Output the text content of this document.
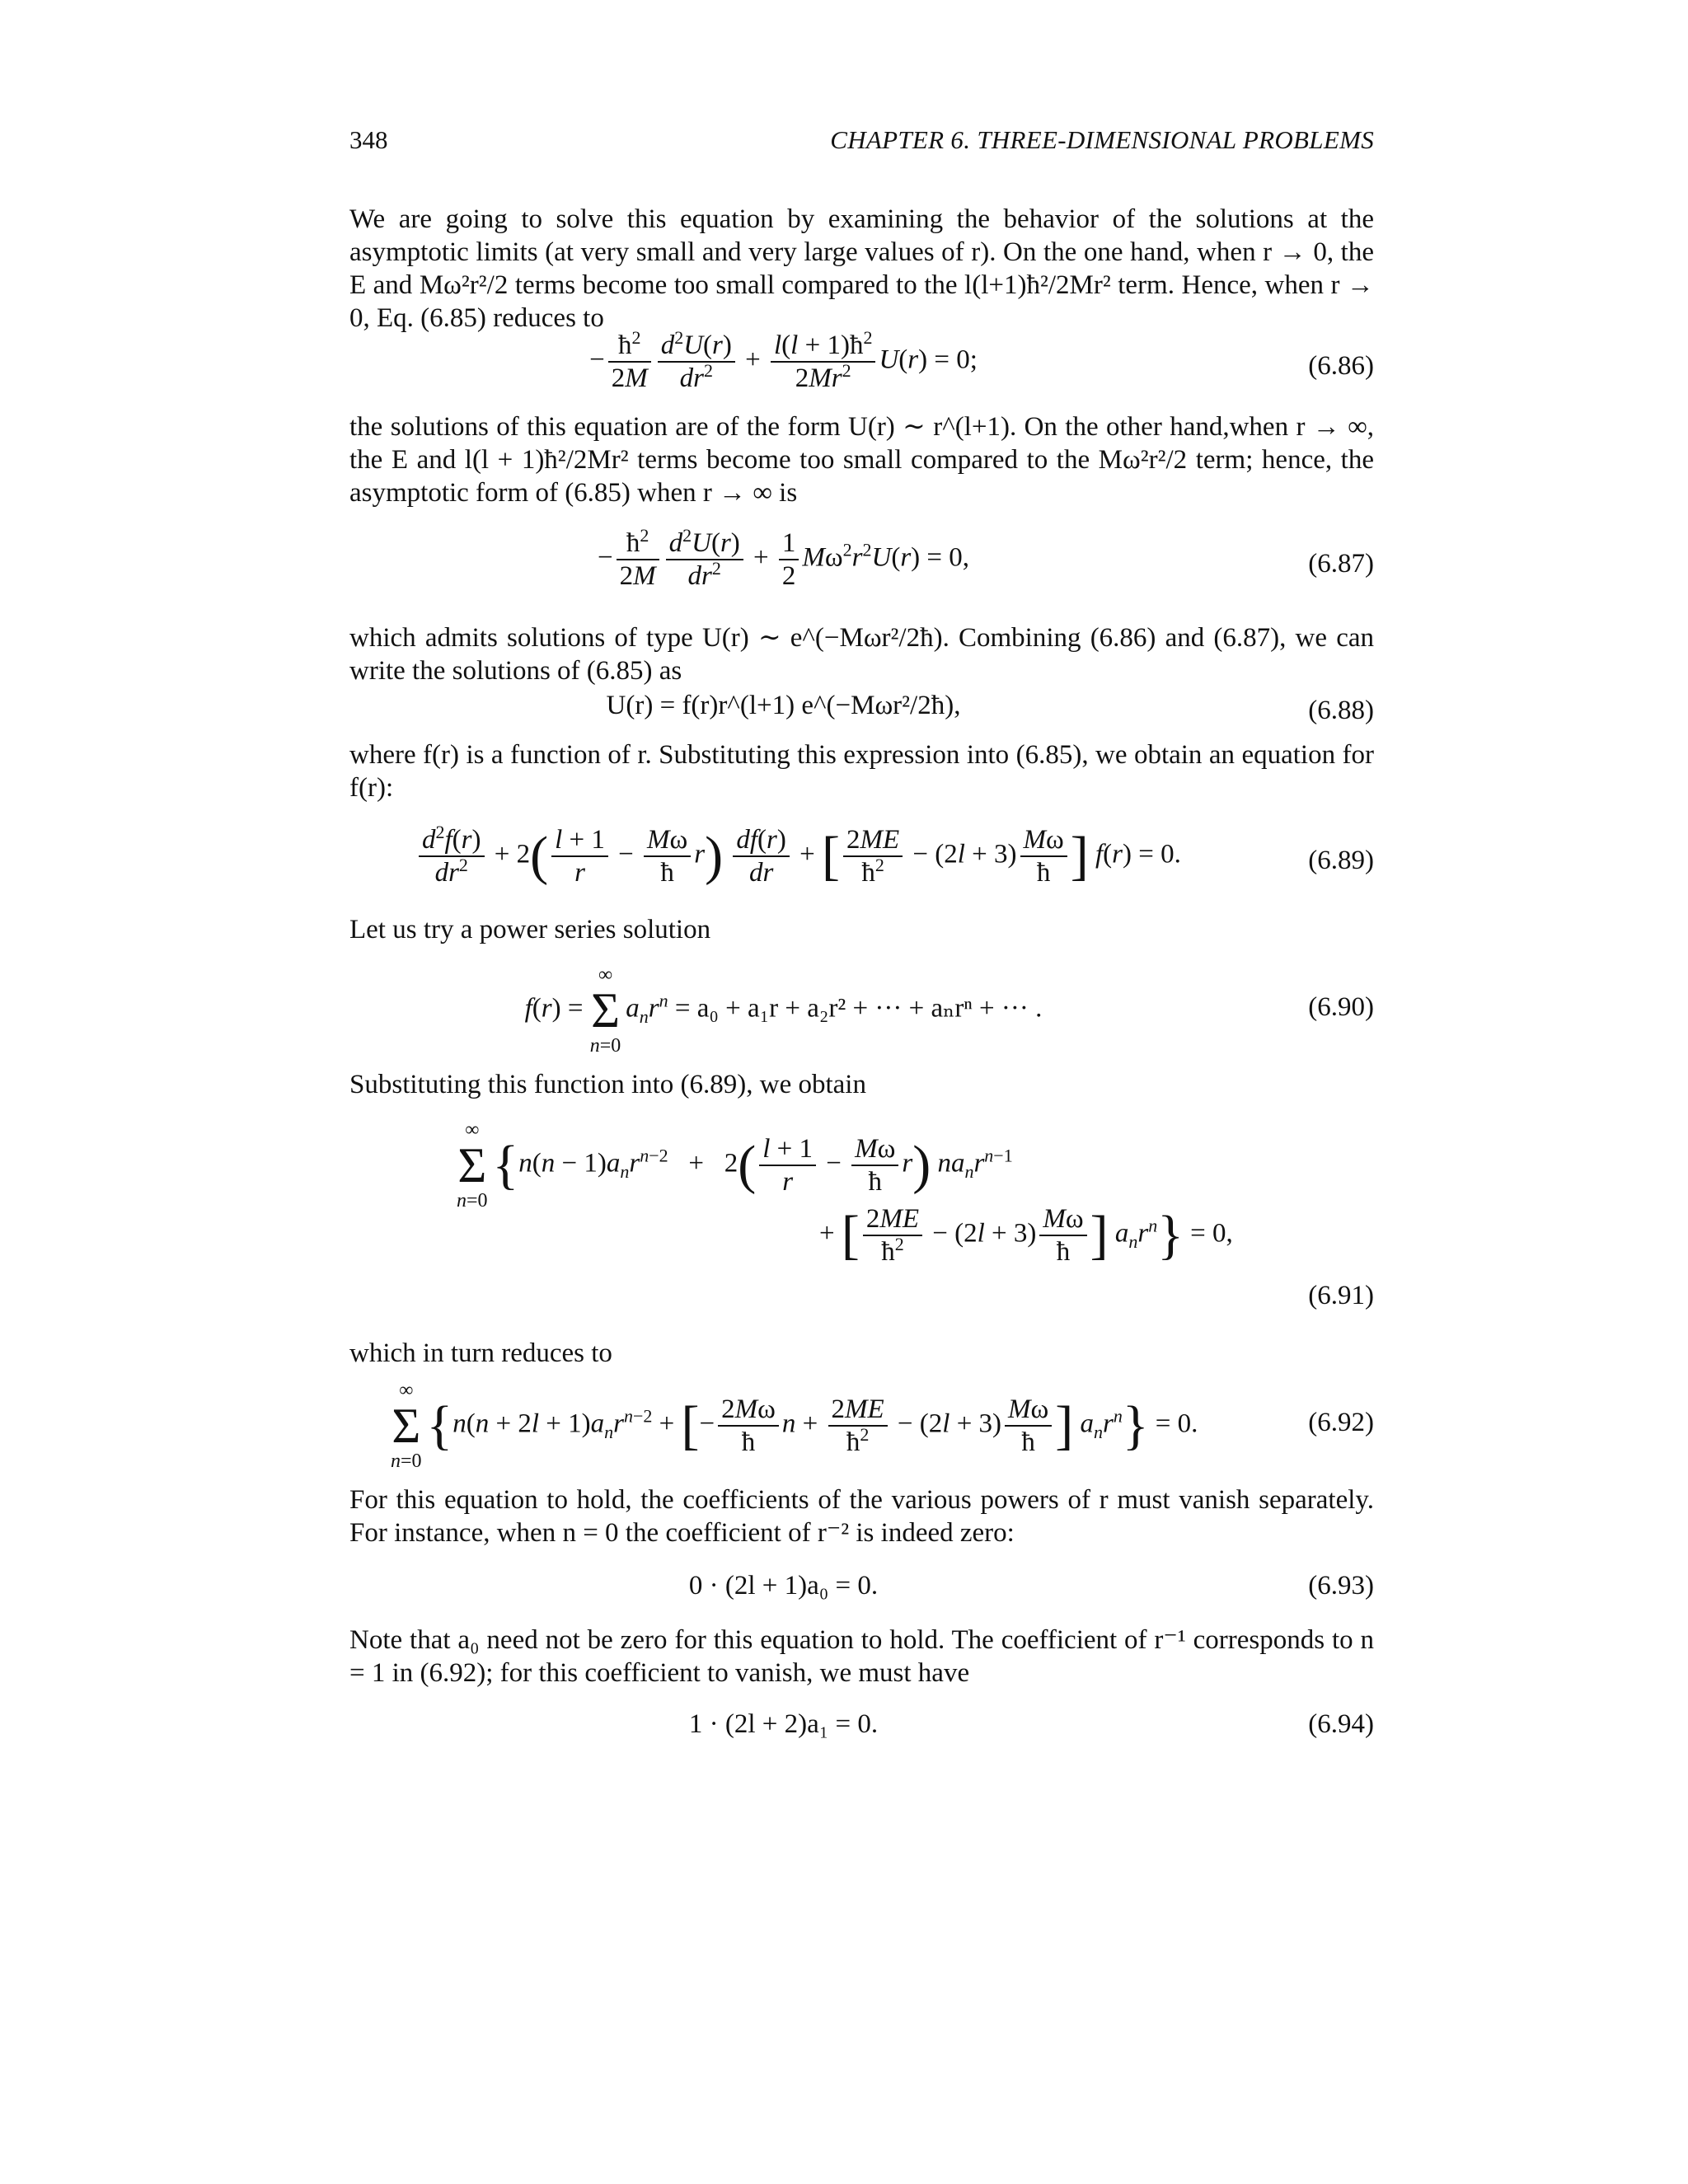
348	CHAPTER 6. THREE-DIMENSIONAL PROBLEMS

We are going to solve this equation by examining the behavior of the solutions at the asymptotic limits (at very small and very large values of r). On the one hand, when r → 0, the E and Mω²r²/2 terms become too small compared to the l(l+1)ħ²/2Mr² term. Hence, when r → 0, Eq. (6.85) reduces to

− $\frac{ħ^2}{2M} \frac{d^2U(r)}{dr^2} + \frac{l(l + 1)ħ^2}{2Mr^2} U(r) = 0$;	(6.86)

the solutions of this equation are of the form U(r) ∼ r^(l+1). On the other hand,when r → ∞, the E and l(l + 1)ħ²/2Mr² terms become too small compared to the Mω²r²/2 term; hence, the asymptotic form of (6.85) when r → ∞ is

− $\frac{ħ^2}{2M} \frac{d^2U(r)}{dr^2} + \frac{1}{2} M\omega^2r^2U(r) = 0$,	(6.87)

which admits solutions of type U(r) ∼ e^(−Mωr²/2ħ). Combining (6.86) and (6.87), we can write the solutions of (6.85) as

U(r) = f(r)r^(l+1) e^(−Mωr²/2ħ),	(6.88)

where f(r) is a function of r. Substituting this expression into (6.85), we obtain an equation for f(r):

$\frac{d^2f(r)}{dr^2} + 2( \frac{l + 1}{r} - \frac{M\omega}{ħ} r) \frac{df(r)}{dr}$ + [ $\frac{2ME}{ħ^2} - (2l + 3) \frac{M\omega}{ħ}$ ] f(r) = 0.	(6.89)

Let us try a power series solution

f(r) =
∞
Σ
n=0
$a_nr^n = a_0 + a_1r + a_2r^2$ + ··· + aₙrⁿ + ··· .	(6.90)

Substituting this function into (6.89), we obtain

∞
Σ
n=0
{$n(n - 1)a_nr^{n-2} + 2( \frac{l + 1}{r} - \frac{M\omega}{ħ} r)$ $na_nr^{n-1}$
+ [ $\frac{2ME}{ħ^2} - (2l + 3) \frac{M\omega}{ħ}$ ] $a_nr^n\} = 0$,
(6.91)

which in turn reduces to

∞
Σ
n=0
{$n(n + 2l + 1)a_nr^{n-2}$ + [− $\frac{2M\omega}{ħ}$ $n + \frac{2ME}{ħ^2} - (2l + 3) \frac{M\omega}{ħ}$ ] $a_nr^n\} = 0$.	(6.92)

For this equation to hold, the coefficients of the various powers of r must vanish separately. For instance, when n = 0 the coefficient of r⁻² is indeed zero:

0 · (2l + 1)a₀ = 0.	(6.93)

Note that a₀ need not be zero for this equation to hold. The coefficient of r⁻¹ corresponds to n = 1 in (6.92); for this coefficient to vanish, we must have

1 · (2l + 2)a₁ = 0.	(6.94)
